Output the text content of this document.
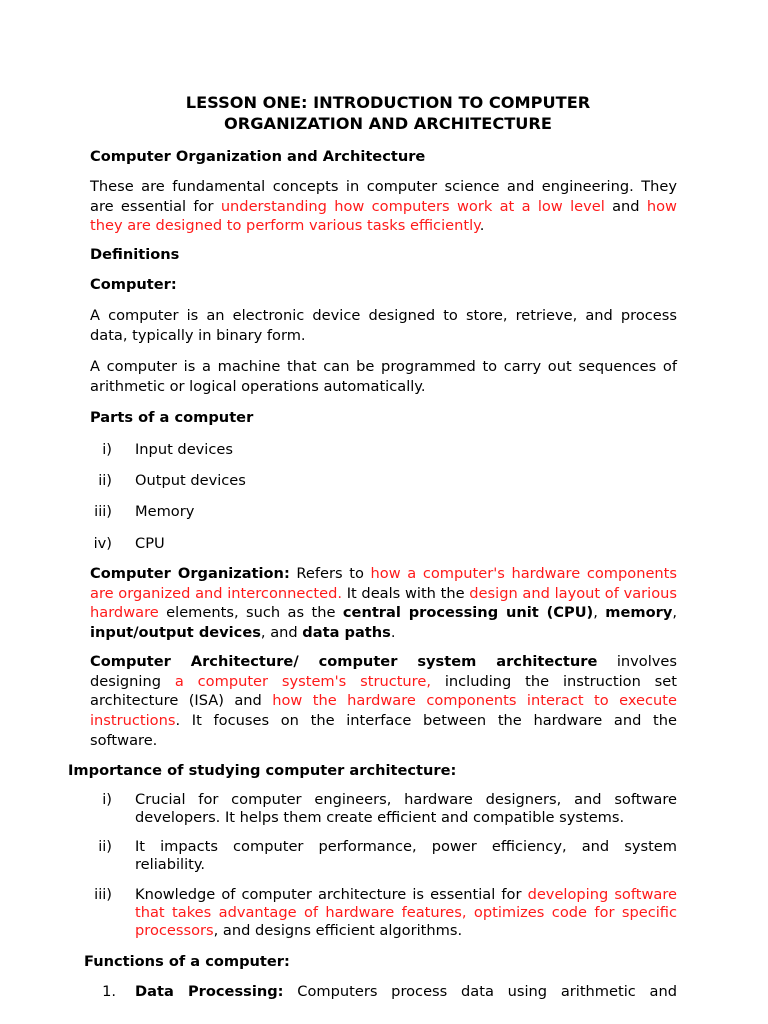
LESSON ONE: INTRODUCTION TO COMPUTER
ORGANIZATION AND ARCHITECTURE
Computer Organization and Architecture

These are fundamental concepts in computer science and engineering. They are essential for understanding how computers work at a low level and how they are designed to perform various tasks efficiently.

Definitions
Computer:

A computer is an electronic device designed to store, retrieve, and process data, typically in binary form.

A computer is a machine that can be programmed to carry out sequences of arithmetic or logical operations automatically.

Parts of a computer
i) Input devices
ii) Output devices
iii) Memory
iv) CPU

Computer Organization: Refers to how a computer's hardware components are organized and interconnected. It deals with the design and layout of various hardware elements, such as the central processing unit (CPU), memory, input/output devices, and data paths.

Computer Architecture/ computer system architecture involves designing a computer system's structure, including the instruction set architecture (ISA) and how the hardware components interact to execute instructions. It focuses on the interface between the hardware and the software.

Importance of studying computer architecture:
i) Crucial for computer engineers, hardware designers, and software developers. It helps them create efficient and compatible systems.

ii) It impacts computer performance, power efficiency, and system reliability.

iii) Knowledge of computer architecture is essential for developing software that takes advantage of hardware features, optimizes code for specific processors, and designs efficient algorithms.

Functions of a computer:
1. Data Processing: Computers process data using arithmetic and
